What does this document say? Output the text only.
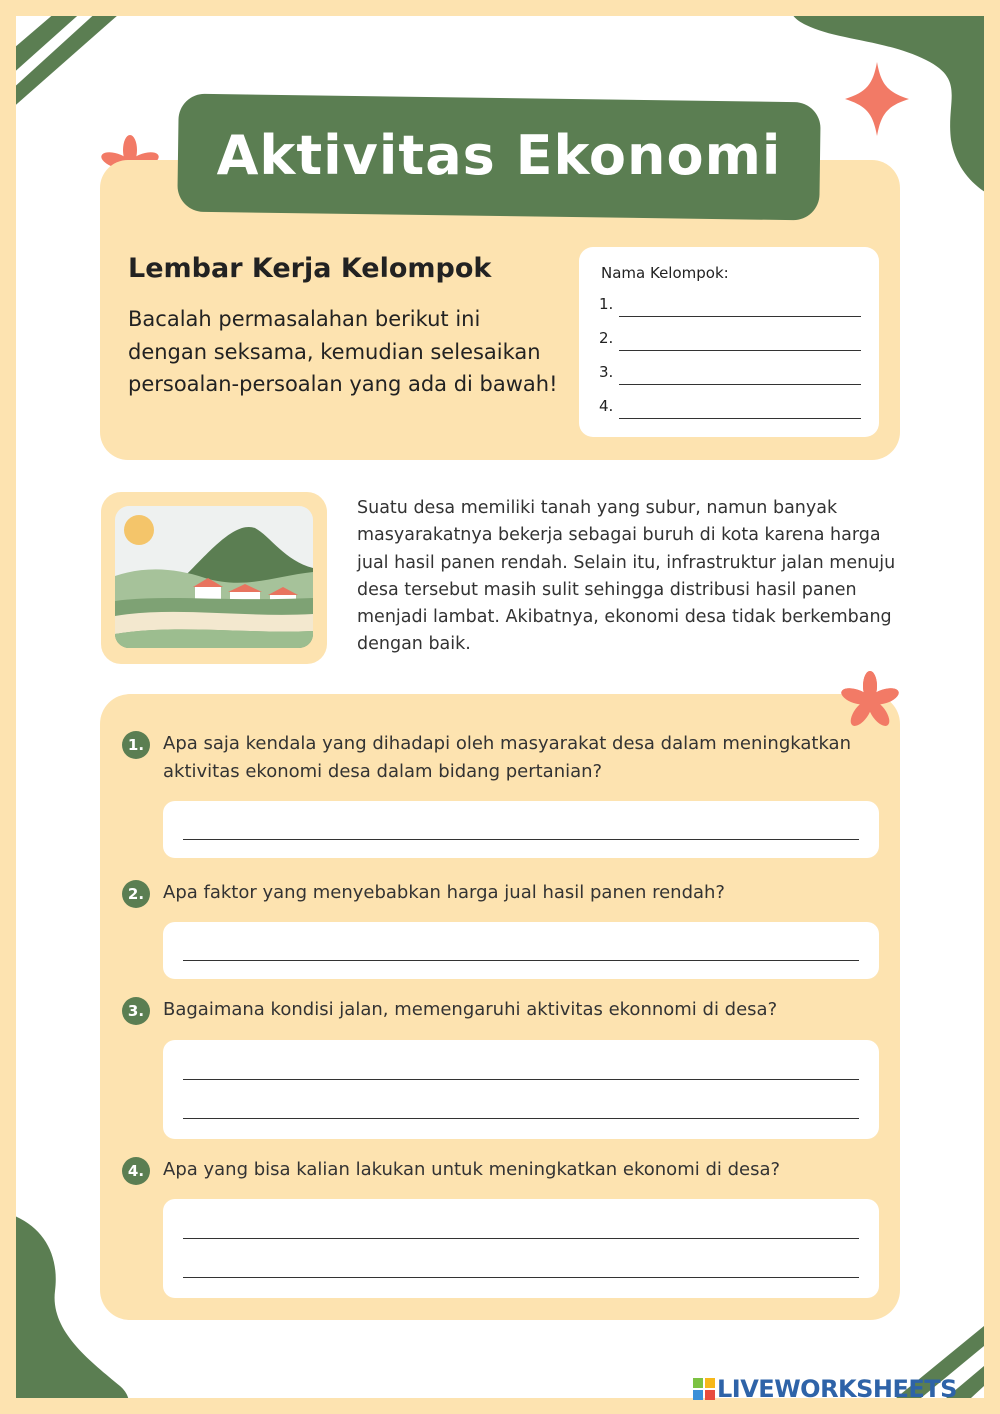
Aktivitas Ekonomi
Lembar Kerja Kelompok
Bacalah permasalahan berikut ini dengan seksama, kemudian selesaikan persoalan-persoalan yang ada di bawah!
Nama Kelompok:
1.
2.
3.
4.
Suatu desa memiliki tanah yang subur, namun banyak masyarakatnya bekerja sebagai buruh di kota karena harga jual hasil panen rendah. Selain itu, infrastruktur jalan menuju desa tersebut masih sulit sehingga distribusi hasil panen menjadi lambat. Akibatnya, ekonomi desa tidak berkembang dengan baik.
1.	Apa saja kendala yang dihadapi oleh masyarakat desa dalam meningkatkan aktivitas ekonomi desa dalam bidang pertanian?
2.	Apa faktor yang menyebabkan harga jual hasil panen rendah?
3.	Bagaimana kondisi jalan, memengaruhi aktivitas ekonnomi di desa?
4.	Apa yang bisa kalian lakukan untuk meningkatkan ekonomi di desa?
LIVEWORKSHEETS
